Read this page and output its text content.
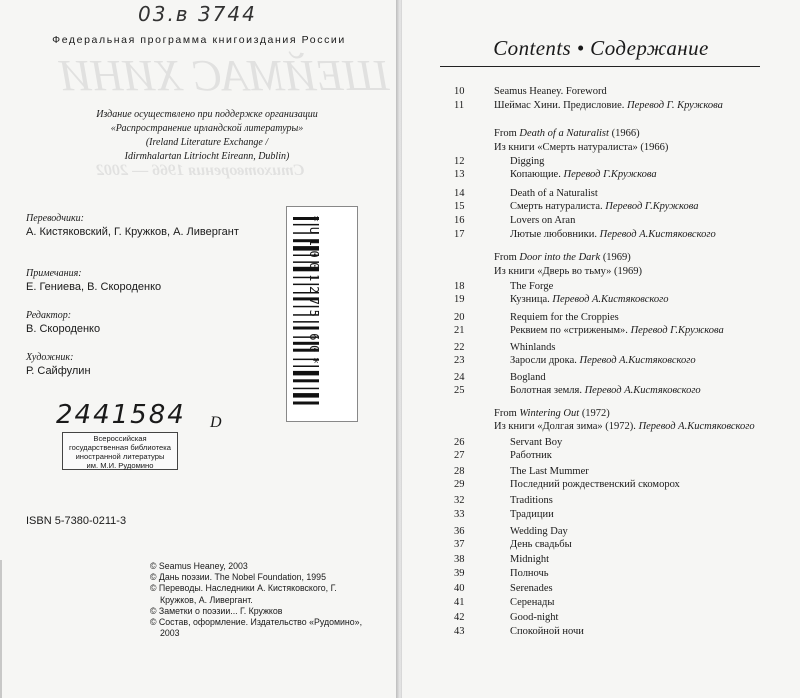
ШЕЙМАС ХИНИ
Стихотворения 1966 — 2002
03.в 3744
Федеральная программа книгоиздания России
Издание осуществлено при поддержке организации
«Распространение ирландской литературы»
(Ireland Literature Exchange /
Idirmhalartan Litriocht Eireann, Dublin)
Переводчики:
А. Кистяковский, Г. Кружков, А. Ливергант
Примечания:
Е. Гениева, В. Скороденко
Редактор:
В. Скороденко
Художник:
Р. Сайфулин
*U1001275 60*
2441584 D
Всероссийская
государственная библиотека
иностранной литературы
им. М.И. Рудомино
ISBN 5-7380-0211-3
© Seamus Heaney, 2003
© Дань поэзии. The Nobel Foundation, 1995
© Переводы. Наследники А. Кистяковского, Г. Кружков, А. Ливергант.
© Заметки о поэзии... Г. Кружков
© Состав, оформление. Издательство «Рудомино», 2003
Contents • Содержание
10	Seamus Heaney. Foreword
11	Шеймас Хини. Предисловие. Перевод Г. Кружкова
From Death of a Naturalist (1966)
Из книги «Смерть натуралиста» (1966)
12	Digging
13	Копающие. Перевод Г.Кружкова
14	Death of a Naturalist
15	Смерть натуралиста. Перевод Г.Кружкова
16	Lovers on Aran
17	Лютые любовники. Перевод А.Кистяковского
From Door into the Dark (1969)
Из книги «Дверь во тьму» (1969)
18	The Forge
19	Кузница. Перевод А.Кистяковского
20	Requiem for the Croppies
21	Реквием по «стриженым». Перевод Г.Кружкова
22	Whinlands
23	Заросли дрока. Перевод А.Кистяковского
24	Bogland
25	Болотная земля. Перевод А.Кистяковского
From Wintering Out (1972)
Из книги «Долгая зима» (1972). Перевод А.Кистяковского
26	Servant Boy
27	Работник
28	The Last Mummer
29	Последний рождественский скоморох
32	Traditions
33	Традиции
36	Wedding Day
37	День свадьбы
38	Midnight
39	Полночь
40	Serenades
41	Серенады
42	Good-night
43	Спокойной ночи
